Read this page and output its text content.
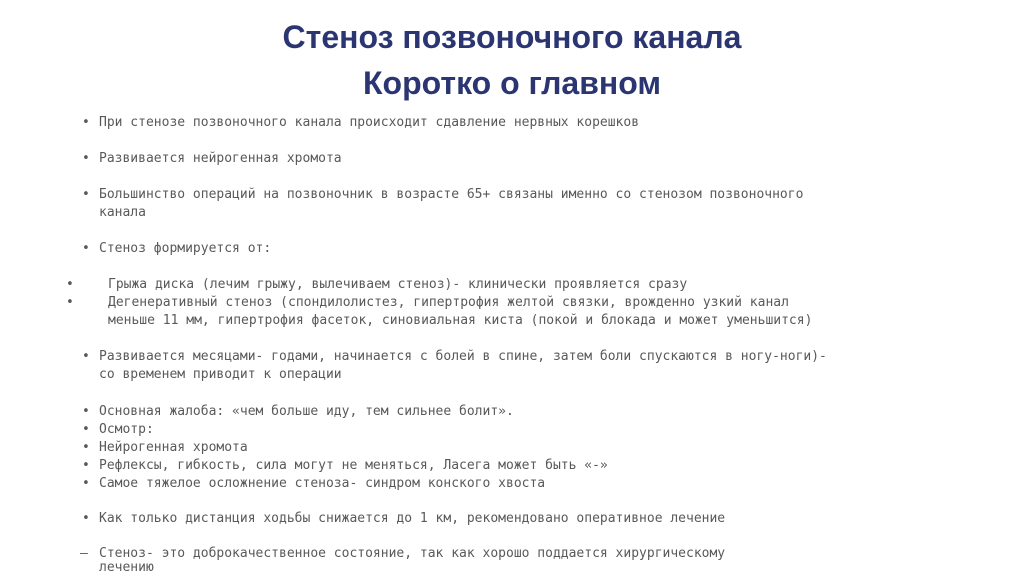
Стеноз позвоночного канала
Коротко о главном
• При стенозе позвоночного канала происходит сдавление нервных корешков
• Развивается нейрогенная хромота
• Большинство операций на позвоночник в возрасте 65+ связаны именно со стенозом позвоночного
канала
• Стеноз формируется от:
•	Грыжа диска (лечим грыжу, вылечиваем стеноз)- клинически проявляется сразу
•	Дегенеративный стеноз (спондилолистез, гипертрофия желтой связки, врожденно узкий канал
меньше 11 мм, гипертрофия фасеток, синовиальная киста (покой и блокада и может уменьшится)
• Развивается месяцами- годами, начинается с болей в спине, затем боли спускаются в ногу-ноги)-
со временем приводит к операции
• Основная жалоба: «чем больше иду, тем сильнее болит».
• Осмотр:
• Нейрогенная хромота
• Рефлексы, гибкость, сила могут не меняться, Ласега может быть «-»
• Самое тяжелое осложнение стеноза- синдром конского хвоста
• Как только дистанция ходьбы снижается до 1 км, рекомендовано оперативное лечение
– Стеноз- это доброкачественное состояние, так как хорошо поддается хирургическому
лечению
